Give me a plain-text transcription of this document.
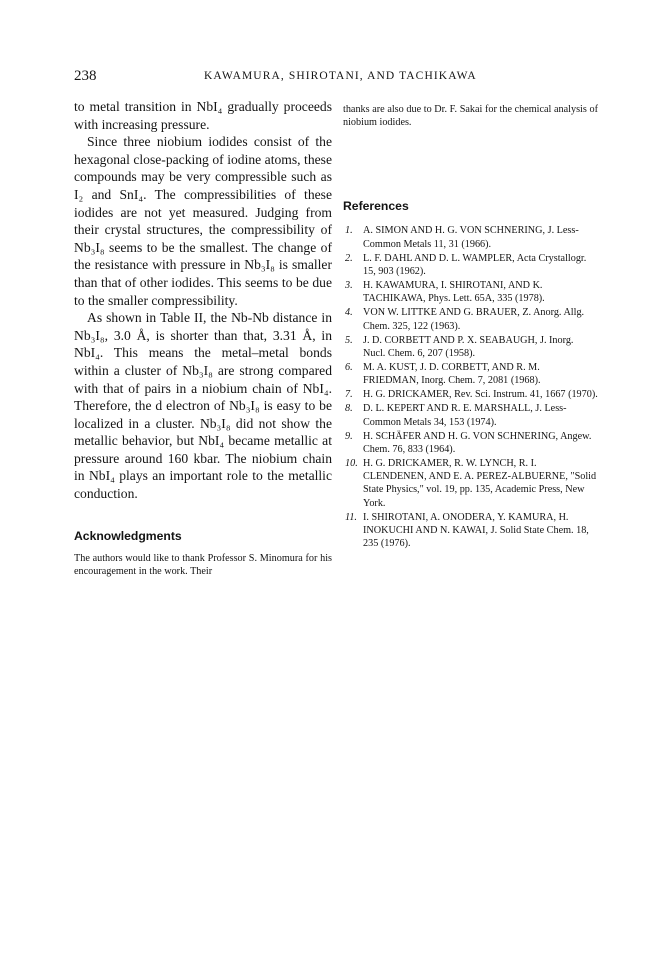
238	KAWAMURA, SHIROTANI, AND TACHIKAWA

to metal transition in NbI₄ gradually proceeds with increasing pressure.

Since three niobium iodides consist of the hexagonal close-packing of iodine atoms, these compounds may be very compressible such as I₂ and SnI₄. The compressibilities of these iodides are not yet measured. Judging from their crystal structures, the compressibility of Nb₃I₈ seems to be the smallest. The change of the resistance with pressure in Nb₃I₈ is smaller than that of other iodides. This seems to be due to the smaller compressibility.

As shown in Table II, the Nb-Nb distance in Nb₃I₈, 3.0 Å, is shorter than that, 3.31 Å, in NbI₄. This means the metal–metal bonds within a cluster of Nb₃I₈ are strong compared with that of pairs in a niobium chain of NbI₄. Therefore, the d electron of Nb₃I₈ is easy to be localized in a cluster. Nb₃I₈ did not show the metallic behavior, but NbI₄ became metallic at pressure around 160 kbar. The niobium chain in NbI₄ plays an important role to the metallic conduction.

Acknowledgments

The authors would like to thank Professor S. Minomura for his encouragement in the work. Their

thanks are also due to Dr. F. Sakai for the chemical analysis of niobium iodides.

References
1.	A. SIMON AND H. G. VON SCHNERING, J. Less-Common Metals 11, 31 (1966).
2.	L. F. DAHL AND D. L. WAMPLER, Acta Crystallogr. 15, 903 (1962).
3.	H. KAWAMURA, I. SHIROTANI, AND K. TACHIKAWA, Phys. Lett. 65A, 335 (1978).
4.	VON W. LITTKE AND G. BRAUER, Z. Anorg. Allg. Chem. 325, 122 (1963).
5.	J. D. CORBETT AND P. X. SEABAUGH, J. Inorg. Nucl. Chem. 6, 207 (1958).
6.	M. A. KUST, J. D. CORBETT, AND R. M. FRIEDMAN, Inorg. Chem. 7, 2081 (1968).
7.	H. G. DRICKAMER, Rev. Sci. Instrum. 41, 1667 (1970).
8.	D. L. KEPERT AND R. E. MARSHALL, J. Less-Common Metals 34, 153 (1974).
9.	H. SCHÄFER AND H. G. VON SCHNERING, Angew. Chem. 76, 833 (1964).
10. H. G. DRICKAMER, R. W. LYNCH, R. I. CLENDENEN, AND E. A. PEREZ-ALBUERNE, "Solid State Physics," vol. 19, pp. 135, Academic Press, New York.
11. I. SHIROTANI, A. ONODERA, Y. KAMURA, H. INOKUCHI AND N. KAWAI, J. Solid State Chem. 18, 235 (1976).
